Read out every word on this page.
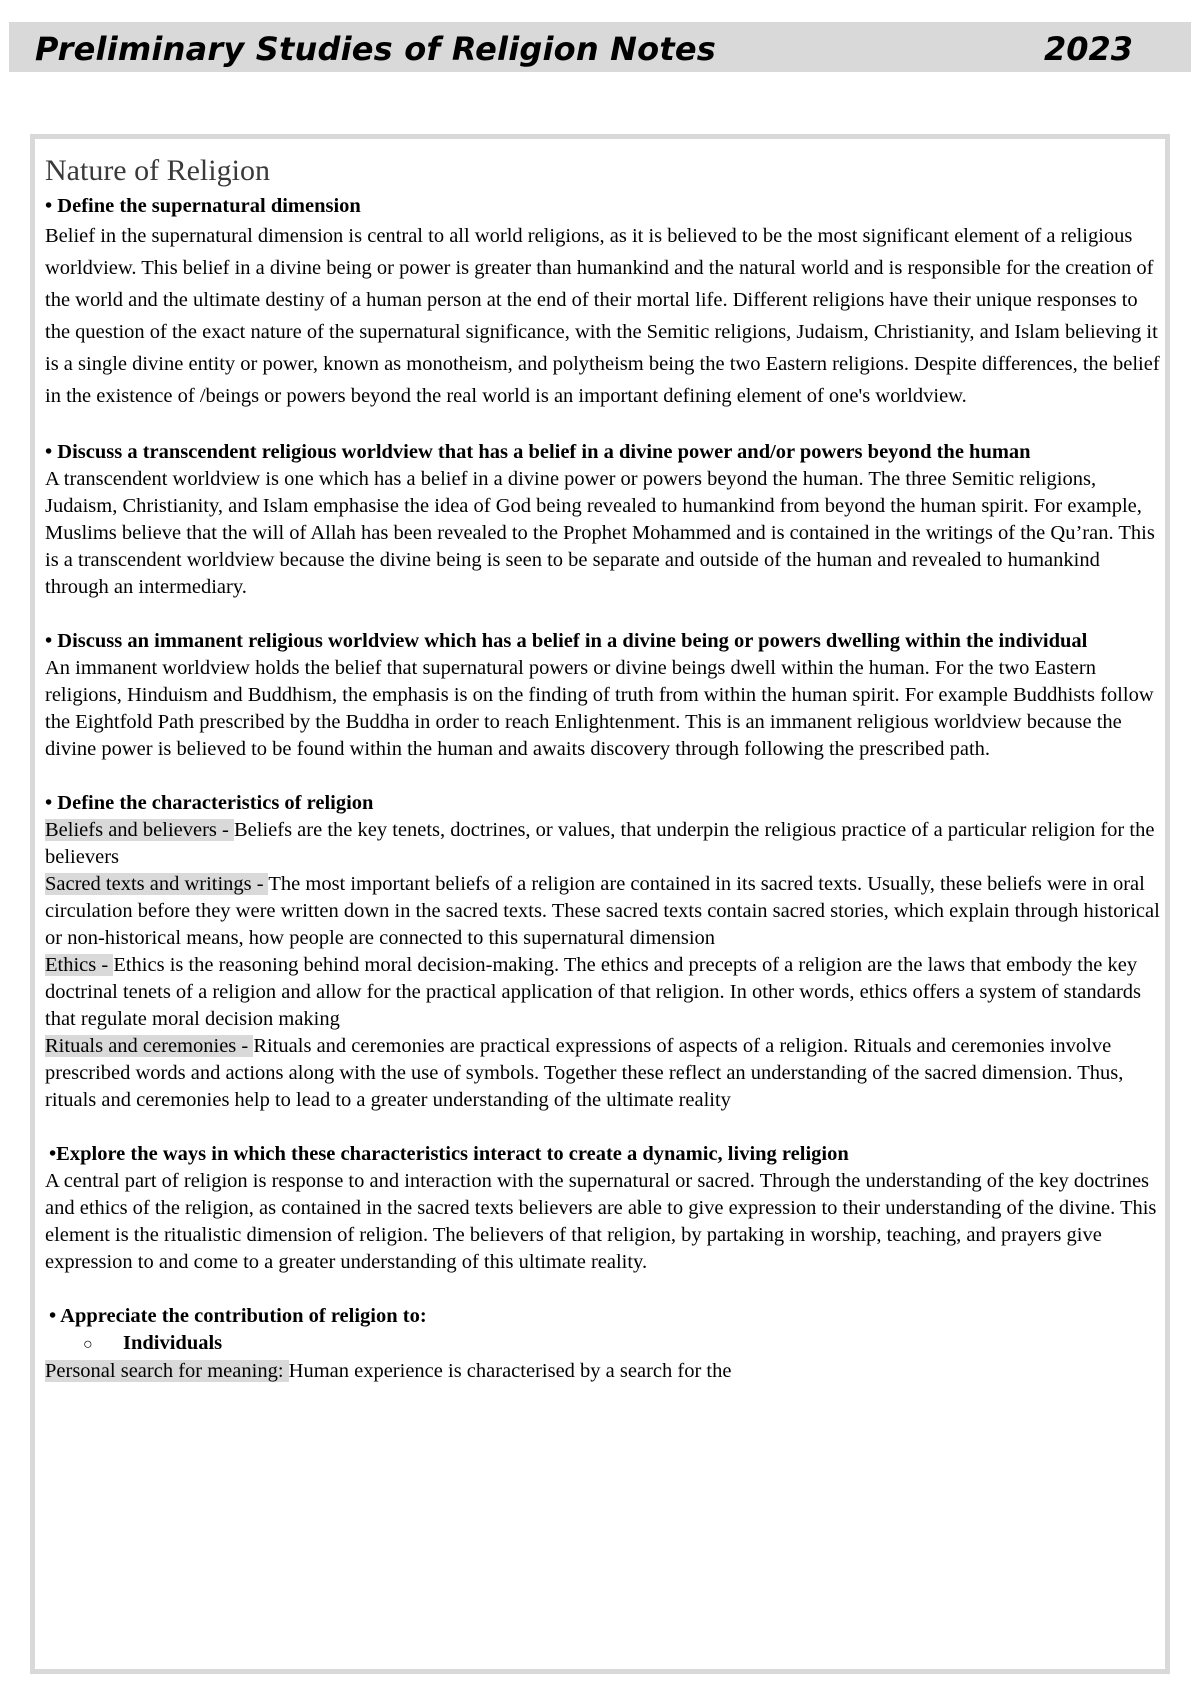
Preliminary Studies of Religion Notes	2023
Nature of Religion

• Define the supernatural dimension

Belief in the supernatural dimension is central to all world religions, as it is believed to be the most significant element of a religious worldview. This belief in a divine being or power is greater than humankind and the natural world and is responsible for the creation of the world and the ultimate destiny of a human person at the end of their mortal life. Different religions have their unique responses to the question of the exact nature of the supernatural significance, with the Semitic religions, Judaism, Christianity, and Islam believing it is a single divine entity or power, known as monotheism, and polytheism being the two Eastern religions. Despite differences, the belief in the existence of /beings or powers beyond the real world is an important defining element of one's worldview.

• Discuss a transcendent religious worldview that has a belief in a divine power and/or powers beyond the human

A transcendent worldview is one which has a belief in a divine power or powers beyond the human. The three Semitic religions, Judaism, Christianity, and Islam emphasise the idea of God being revealed to humankind from beyond the human spirit. For example, Muslims believe that the will of Allah has been revealed to the Prophet Mohammed and is contained in the writings of the Qu’ran. This is a transcendent worldview because the divine being is seen to be separate and outside of the human and revealed to humankind through an intermediary.

• Discuss an immanent religious worldview which has a belief in a divine being or powers dwelling within the individual

An immanent worldview holds the belief that supernatural powers or divine beings dwell within the human. For the two Eastern religions, Hinduism and Buddhism, the emphasis is on the finding of truth from within the human spirit. For example Buddhists follow the Eightfold Path prescribed by the Buddha in order to reach Enlightenment. This is an immanent religious worldview because the divine power is believed to be found within the human and awaits discovery through following the prescribed path.

• Define the characteristics of religion

Beliefs and believers - Beliefs are the key tenets, doctrines, or values, that underpin the religious practice of a particular religion for the believers

Sacred texts and writings - The most important beliefs of a religion are contained in its sacred texts. Usually, these beliefs were in oral circulation before they were written down in the sacred texts. These sacred texts contain sacred stories, which explain through historical or non-historical means, how people are connected to this supernatural dimension

Ethics - Ethics is the reasoning behind moral decision-making. The ethics and precepts of a religion are the laws that embody the key doctrinal tenets of a religion and allow for the practical application of that religion. In other words, ethics offers a system of standards that regulate moral decision making

Rituals and ceremonies - Rituals and ceremonies are practical expressions of aspects of a religion. Rituals and ceremonies involve prescribed words and actions along with the use of symbols. Together these reflect an understanding of the sacred dimension. Thus, rituals and ceremonies help to lead to a greater understanding of the ultimate reality

•Explore the ways in which these characteristics interact to create a dynamic, living religion

A central part of religion is response to and interaction with the supernatural or sacred. Through the understanding of the key doctrines and ethics of the religion, as contained in the sacred texts believers are able to give expression to their understanding of the divine. This element is the ritualistic dimension of religion. The believers of that religion, by partaking in worship, teaching, and prayers give expression to and come to a greater understanding of this ultimate reality.

• Appreciate the contribution of religion to:

○ Individuals

Personal search for meaning: Human experience is characterised by a search for the
